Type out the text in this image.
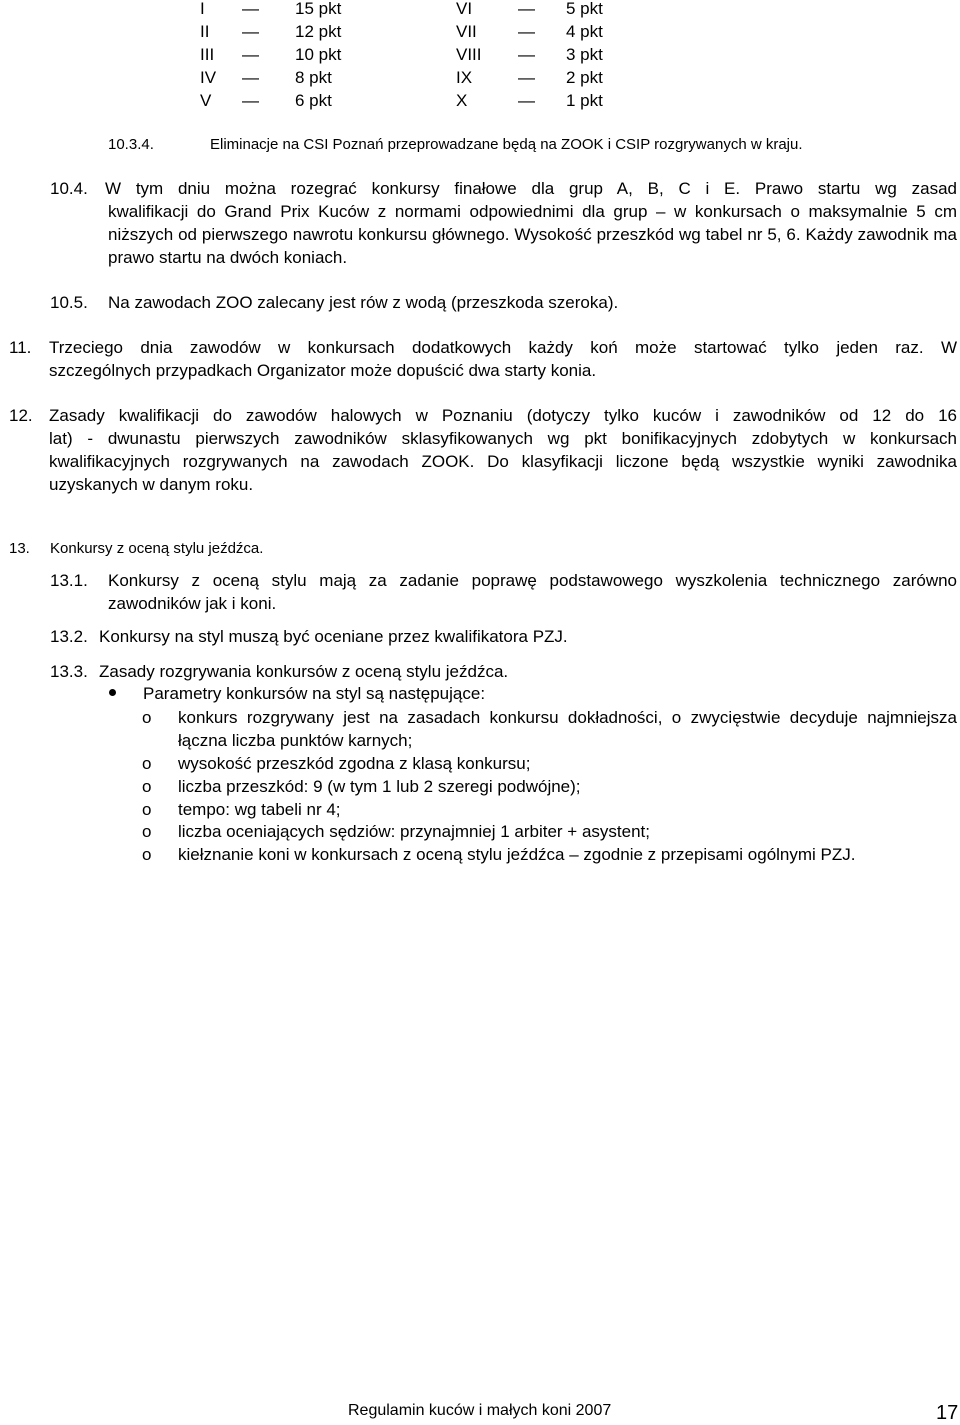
I — 15 pkt	VI	— 5 pkt
II — 12 pkt	VII — 4 pkt
III — 10 pkt	VIII — 3 pkt
IV — 8 pkt	IX	— 2 pkt
V — 6 pkt	X	— 1 pkt
10.3.4.	Eliminacje na CSI Poznań przeprowadzane będą na ZOOK i CSIP rozgrywanych w kraju.
10.4. W tym dniu można rozegrać konkursy finałowe dla grup A, B, C i E. Prawo startu wg zasad
kwalifikacji do Grand Prix Kuców z normami odpowiednimi dla grup – w konkursach o maksymalnie 5 cm niższych od pierwszego nawrotu konkursu głównego. Wysokość przeszkód wg tabel nr 5, 6. Każdy zawodnik ma prawo startu na dwóch koniach.
10.5. Na zawodach ZOO zalecany jest rów z wodą (przeszkoda szeroka).
11. Trzeciego dnia zawodów w konkursach dodatkowych każdy koń może startować tylko jeden raz. W
szczególnych przypadkach Organizator może dopuścić dwa starty konia.
12. Zasady kwalifikacji do zawodów halowych w Poznaniu (dotyczy tylko kuców i zawodników od 12 do 16
lat) - dwunastu pierwszych zawodników sklasyfikowanych wg pkt bonifikacyjnych zdobytych w konkursach kwalifikacyjnych rozgrywanych na zawodach ZOOK. Do klasyfikacji liczone będą wszystkie wyniki zawodnika uzyskanych w danym roku.
13. Konkursy z oceną stylu jeźdźca.
13.1. Konkursy z oceną stylu mają za zadanie poprawę podstawowego wyszkolenia technicznego zarówno zawodników jak i koni.
13.2. Konkursy na styl muszą być oceniane przez kwalifikatora PZJ.
13.3. Zasady rozgrywania konkursów z oceną stylu jeźdźca.
Parametry konkursów na styl są następujące:
o konkurs rozgrywany jest na zasadach konkursu dokładności, o zwycięstwie decyduje najmniejsza łączna liczba punktów karnych;
o wysokość przeszkód zgodna z klasą konkursu;
o liczba przeszkód: 9 (w tym 1 lub 2 szeregi podwójne);
o tempo: wg tabeli nr 4;
o liczba oceniających sędziów: przynajmniej 1 arbiter + asystent;
o kiełznanie koni w konkursach z oceną stylu jeźdźca – zgodnie z przepisami ogólnymi PZJ.
Regulamin kuców i małych koni 2007	17
